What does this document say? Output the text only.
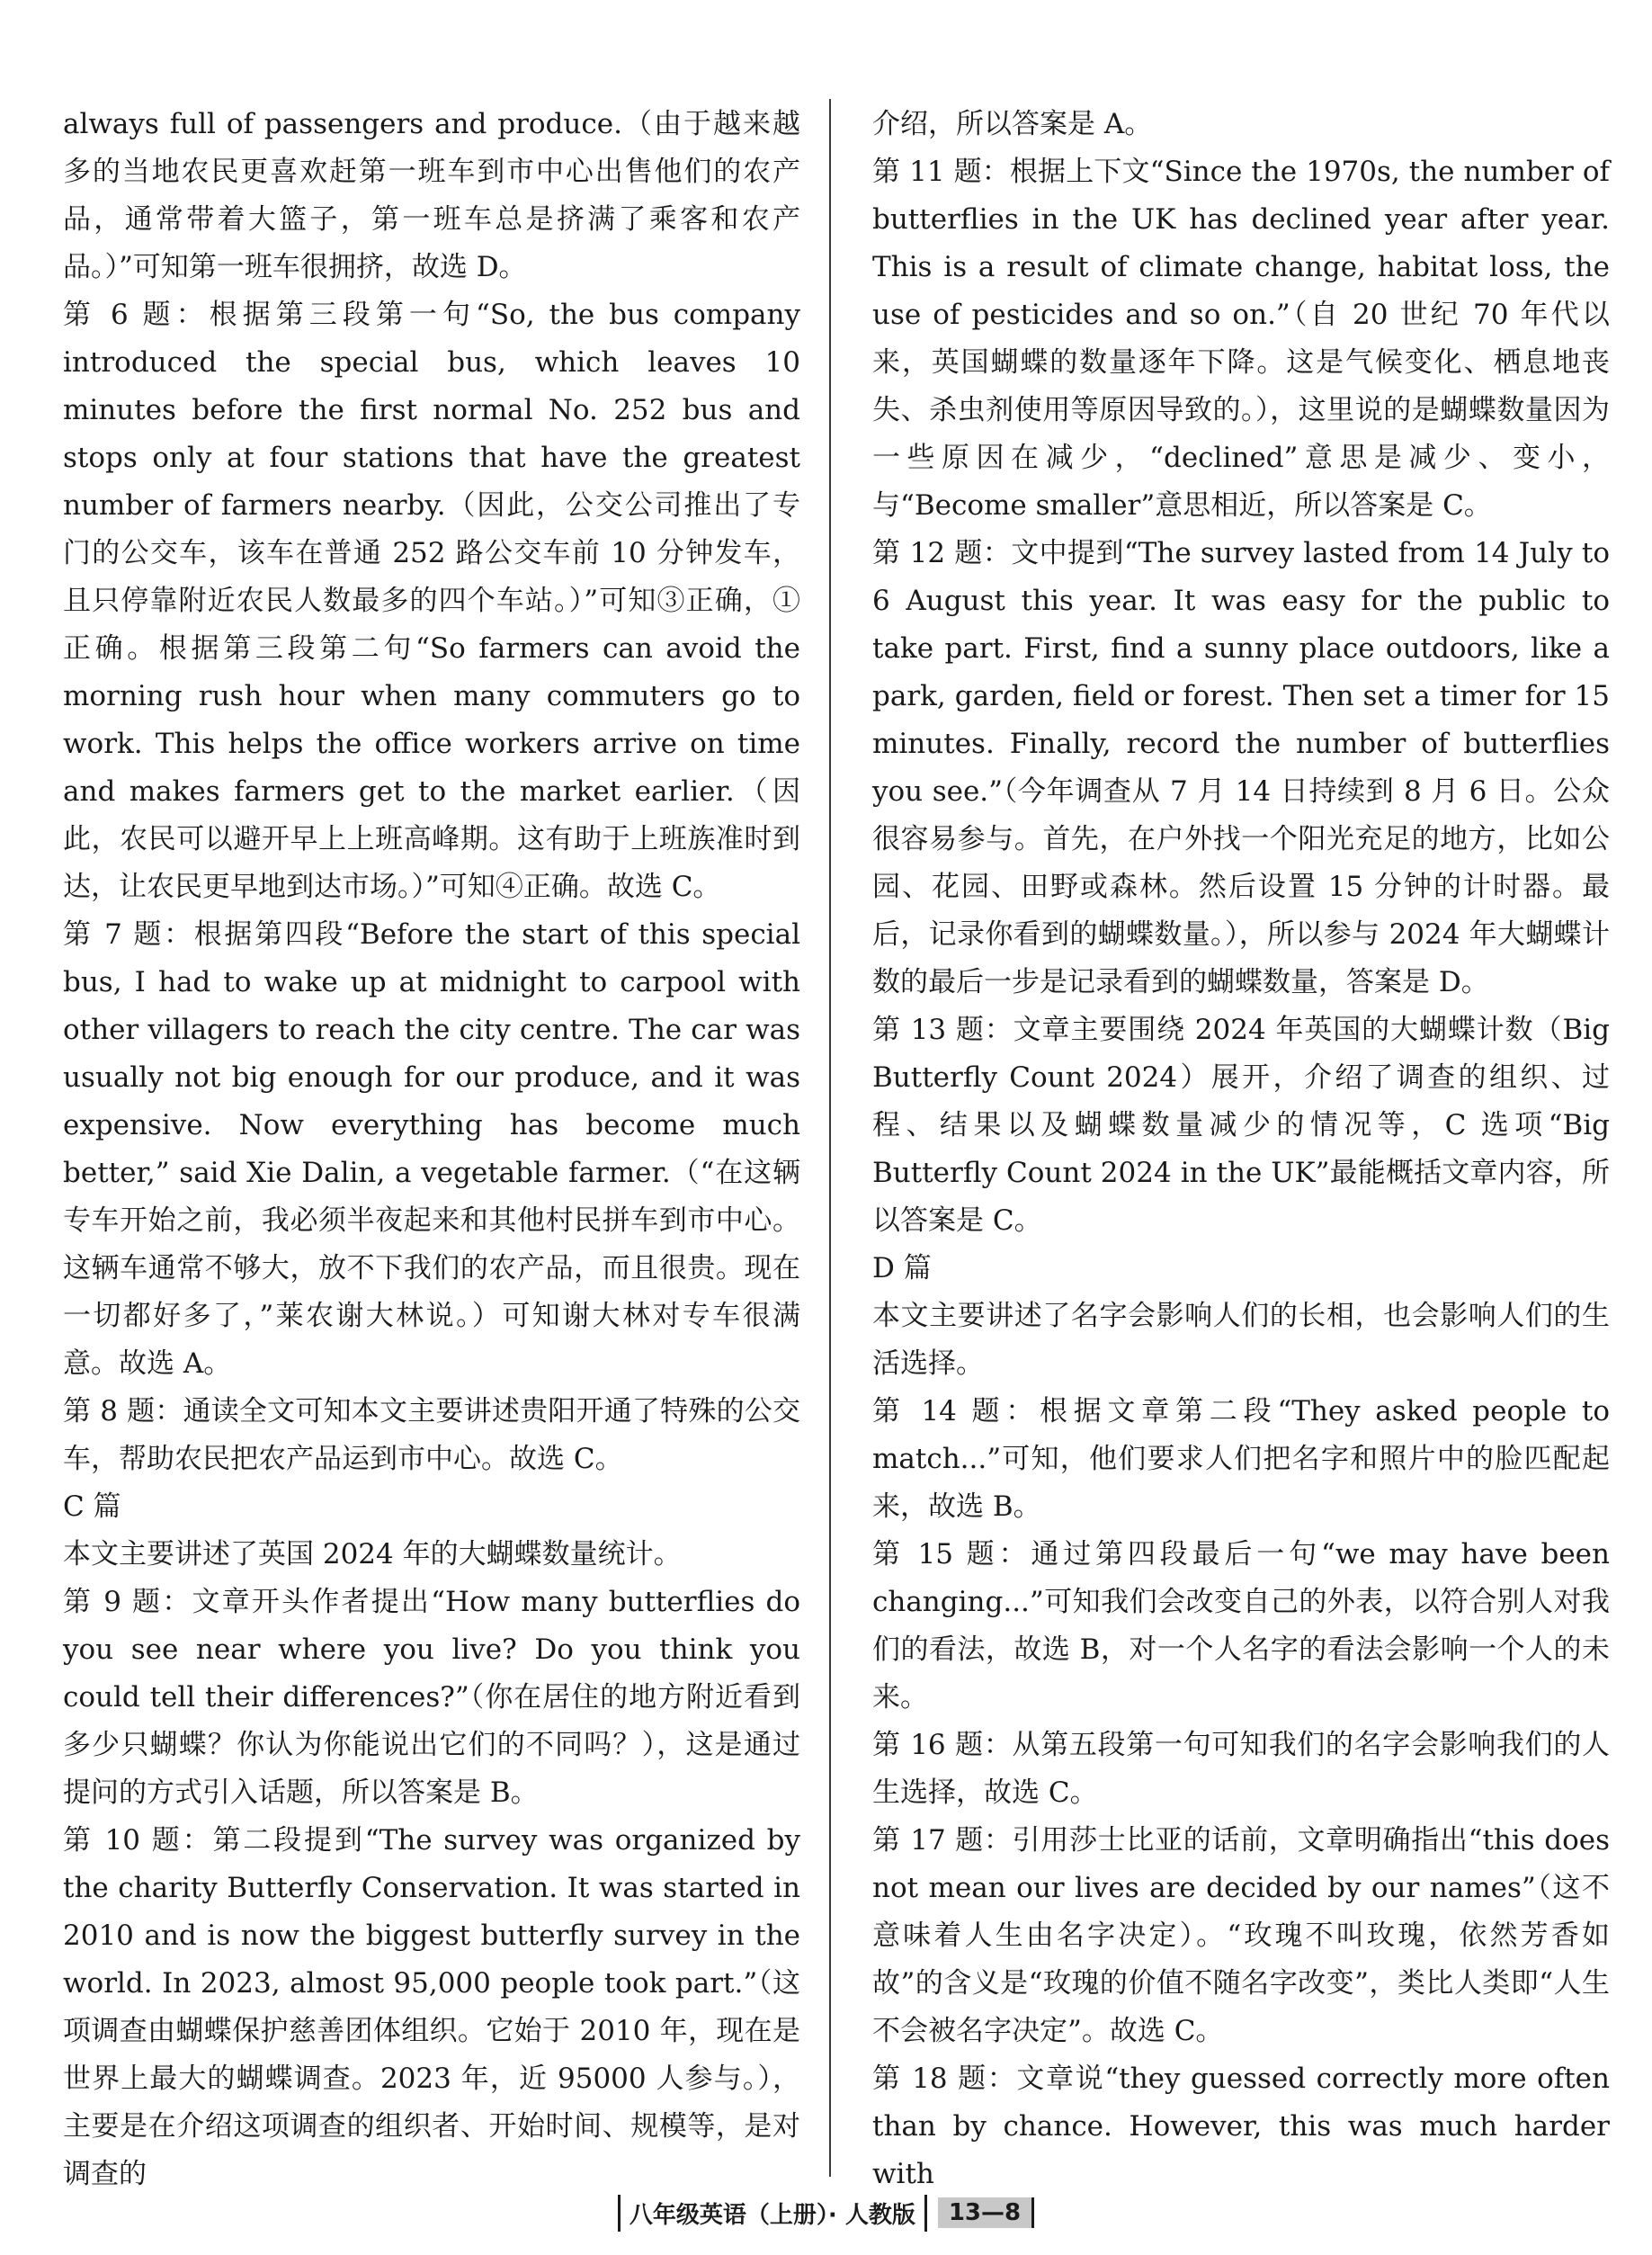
always full of passengers and produce.（由于越来越多的当地农民更喜欢赶第一班车到市中心出售他们的农产品，通常带着大篮子，第一班车总是挤满了乘客和农产品。）”可知第一班车很拥挤，故选 D。

第 6 题：根据第三段第一句“So, the bus company introduced the special bus, which leaves 10 minutes before the first normal No. 252 bus and stops only at four stations that have the greatest number of farmers nearby.（因此，公交公司推出了专门的公交车，该车在普通 252 路公交车前 10 分钟发车，且只停靠附近农民人数最多的四个车站。）”可知③正确，①正确。根据第三段第二句“So farmers can avoid the morning rush hour when many commuters go to work. This helps the office workers arrive on time and makes farmers get to the market earlier.（因此，农民可以避开早上上班高峰期。这有助于上班族准时到达，让农民更早地到达市场。）”可知④正确。故选 C。

第 7 题：根据第四段“Before the start of this special bus, I had to wake up at midnight to carpool with other villagers to reach the city centre. The car was usually not big enough for our produce, and it was expensive. Now everything has become much better,” said Xie Dalin, a vegetable farmer.（“在这辆专车开始之前，我必须半夜起来和其他村民拼车到市中心。这辆车通常不够大，放不下我们的农产品，而且很贵。现在一切都好多了，”莱农谢大林说。）可知谢大林对专车很满意。故选 A。

第 8 题：通读全文可知本文主要讲述贵阳开通了特殊的公交车，帮助农民把农产品运到市中心。故选 C。

C 篇

本文主要讲述了英国 2024 年的大蝴蝶数量统计。

第 9 题：文章开头作者提出“How many butterflies do you see near where you live? Do you think you could tell their differences?”（你在居住的地方附近看到多少只蝴蝶？你认为你能说出它们的不同吗？），这是通过提问的方式引入话题，所以答案是 B。

第 10 题：第二段提到“The survey was organized by the charity Butterfly Conservation. It was started in 2010 and is now the biggest butterfly survey in the world. In 2023, almost 95,000 people took part.”（这项调查由蝴蝶保护慈善团体组织。它始于 2010 年，现在是世界上最大的蝴蝶调查。2023 年，近 95000 人参与。），主要是在介绍这项调查的组织者、开始时间、规模等，是对调查的

介绍，所以答案是 A。

第 11 题：根据上下文“Since the 1970s, the number of butterflies in the UK has declined year after year. This is a result of climate change, habitat loss, the use of pesticides and so on.”（自 20 世纪 70 年代以来，英国蝴蝶的数量逐年下降。这是气候变化、栖息地丧失、杀虫剂使用等原因导致的。），这里说的是蝴蝶数量因为一些原因在减少，“declined”意思是减少、变小，与“Become smaller”意思相近，所以答案是 C。

第 12 题：文中提到“The survey lasted from 14 July to 6 August this year. It was easy for the public to take part. First, find a sunny place outdoors, like a park, garden, field or forest. Then set a timer for 15 minutes. Finally, record the number of butterflies you see.”（今年调查从 7 月 14 日持续到 8 月 6 日。公众很容易参与。首先，在户外找一个阳光充足的地方，比如公园、花园、田野或森林。然后设置 15 分钟的计时器。最后，记录你看到的蝴蝶数量。），所以参与 2024 年大蝴蝶计数的最后一步是记录看到的蝴蝶数量，答案是 D。

第 13 题：文章主要围绕 2024 年英国的大蝴蝶计数（Big Butterfly Count 2024）展开，介绍了调查的组织、过程、结果以及蝴蝶数量减少的情况等，C 选项“Big Butterfly Count 2024 in the UK”最能概括文章内容，所以答案是 C。

D 篇

本文主要讲述了名字会影响人们的长相，也会影响人们的生活选择。

第 14 题：根据文章第二段“They asked people to match...”可知，他们要求人们把名字和照片中的脸匹配起来，故选 B。

第 15 题：通过第四段最后一句“we may have been changing...”可知我们会改变自己的外表，以符合别人对我们的看法，故选 B，对一个人名字的看法会影响一个人的未来。

第 16 题：从第五段第一句可知我们的名字会影响我们的人生选择，故选 C。

第 17 题：引用莎士比亚的话前，文章明确指出“this does not mean our lives are decided by our names”（这不意味着人生由名字决定）。“玫瑰不叫玫瑰，依然芳香如故”的含义是“玫瑰的价值不随名字改变”，类比人类即“人生不会被名字决定”。故选 C。

第 18 题：文章说“they guessed correctly more often than by chance. However, this was much harder with

八年级英语（上册）· 人教版	13—8
